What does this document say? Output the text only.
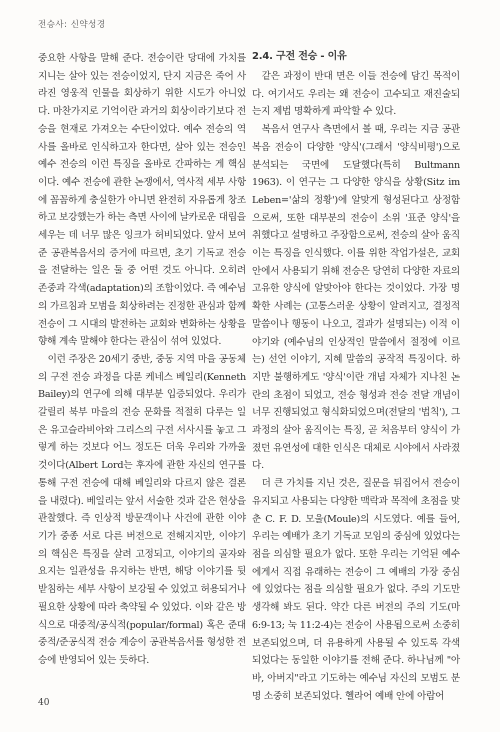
전승사: 신약성경

중요한 사항을 말해 준다. 전승이란 당대에 가치를 지니는 살아 있는 전승이었지, 단지 지금은 죽어 사라진 영웅적 인물을 회상하기 위한 시도가 아니었다. 마찬가지로 기억이란 과거의 회상이라기보다 전승을 현재로 가져오는 수단이었다. 예수 전승의 역사를 올바로 인식하고자 한다면, 살아 있는 전승인 예수 전승의 이런 특징을 올바로 간파하는 게 핵심이다. 예수 전승에 관한 논쟁에서, 역사적 세부 사항에 꼼꼼하게 충실한가 아니면 완전히 자유롭게 창조하고 보강했는가 하는 측면 사이에 날카로운 대립을 세우는 데 너무 많은 잉크가 허비되었다. 앞서 보여 준 공관복음서의 증거에 따르면, 초기 기독교 전승을 전달하는 일은 둘 중 어떤 것도 아니다. 오히려 존중과 각색(adaptation)의 조합이었다. 즉 예수님의 가르침과 모범을 회상하려는 진정한 관심과 함께 전승이 그 시대의 발전하는 교회와 변화하는 상황을 향해 계속 말해야 한다는 관심이 섞여 있었다.

이런 주장은 20세기 중반, 중동 지역 마을 공동체의 구전 전승 과정을 다룬 케네스 베일리(Kenneth Bailey)의 연구에 의해 대부분 입증되었다. 우리가 갈릴리 북부 마을의 전승 문화를 적절히 다루는 일은 유고슬라비아와 그리스의 구전 서사시를 놓고 그렇게 하는 것보다 어느 정도든 더욱 우리와 가까울 것이다(Albert Lord는 후자에 관한 자신의 연구를 통해 구전 전승에 대해 베일리와 다르지 않은 결론을 내렸다). 베일리는 앞서 서술한 것과 같은 현상을 관찰했다. 즉 인상적 방문객이나 사건에 관한 이야기가 중종 서로 다른 버전으로 전해지지만, 이야기의 핵심은 특징을 살려 고정되고, 이야기의 골자와 요지는 일관성을 유지하는 반면, 해당 이야기를 뒷받침하는 세부 사항이 보강될 수 있었고 허용되거나 필요한 상황에 따라 축약될 수 있었다. 이와 같은 방식으로 대중적/공식적(popular/formal) 혹은 준대중적/준공식적 전승 계승이 공관복음서를 형성한 전승에 반영되어 있는 듯하다.

2.4. 구전 전승 - 이유

같은 과정이 반대 면은 이들 전승에 담긴 목적이다. 여기서도 우리는 왜 전승이 고수되고 재진술되는지 제법 명확하게 파악할 수 있다.

복음서 연구사 측면에서 볼 때, 우리는 지금 공관복음 전승이 다양한 '양식'(그래서 '양식비평')으로 분석되는 국면에 도달했다(특히 Bultmann 1963). 이 연구는 그 다양한 양식을 상황(Sitz im Leben='삶의 정황')에 알맞게 형성된다고 상정함으로써, 또한 대부분의 전승이 소위 '표준 양식'을 취했다고 설명하고 주장함으로써, 전승의 살아 움직이는 특징을 인식했다. 이를 위한 작업가설은, 교회 안에서 사용되기 위해 전승은 당연히 다양한 자료의 고유한 양식에 알맞아야 한다는 것이었다. 가장 명확한 사례는 (고통스러운 상황이 알려지고, 결정적 말씀이나 행동이 나오고, 결과가 설명되는) 이적 이야기와 (예수님의 인상적인 말씀에서 절정에 이르는) 선언 이야기, 지혜 말씀의 공작적 특징이다. 하지만 불행하게도 '양식'이란 개념 자체가 지나친 논란의 초점이 되었고, 전승 형성과 전승 전달 개념이 너무 진행되었고 형식화되었으며(전달의 '법칙'), 그 과정의 살아 움직이는 특징, 곧 처음부터 양식이 가졌던 유연성에 대한 인식은 대체로 시야에서 사라졌다.

더 큰 가치를 지닌 것은, 질문을 뒤집어서 전승이 유지되고 사용되는 다양한 맥락과 목적에 초점을 맞춘 C. F. D. 모울(Moule)의 시도였다. 예를 들어, 우리는 예배가 초기 기독교 모임의 중심에 있었다는 점을 의심할 필요가 없다. 또한 우리는 기억된 예수에게서 직접 유래하는 전승이 그 예배의 가장 중심에 있었다는 점을 의심할 필요가 없다. 주의 기도만 생각해 봐도 된다. 약간 다른 버전의 주의 기도(마 6:9-13; 눅 11:2-4)는 전승이 사용됨으로써 소중히 보존되었으며, 더 유용하게 사용될 수 있도록 각색되었다는 동일한 이야기를 전해 준다. 하나님께 "아바, 아버지"라고 기도하는 예수님 자신의 모범도 분명 소중히 보존되었다. 헬라어 예배 안에 아람어

40
